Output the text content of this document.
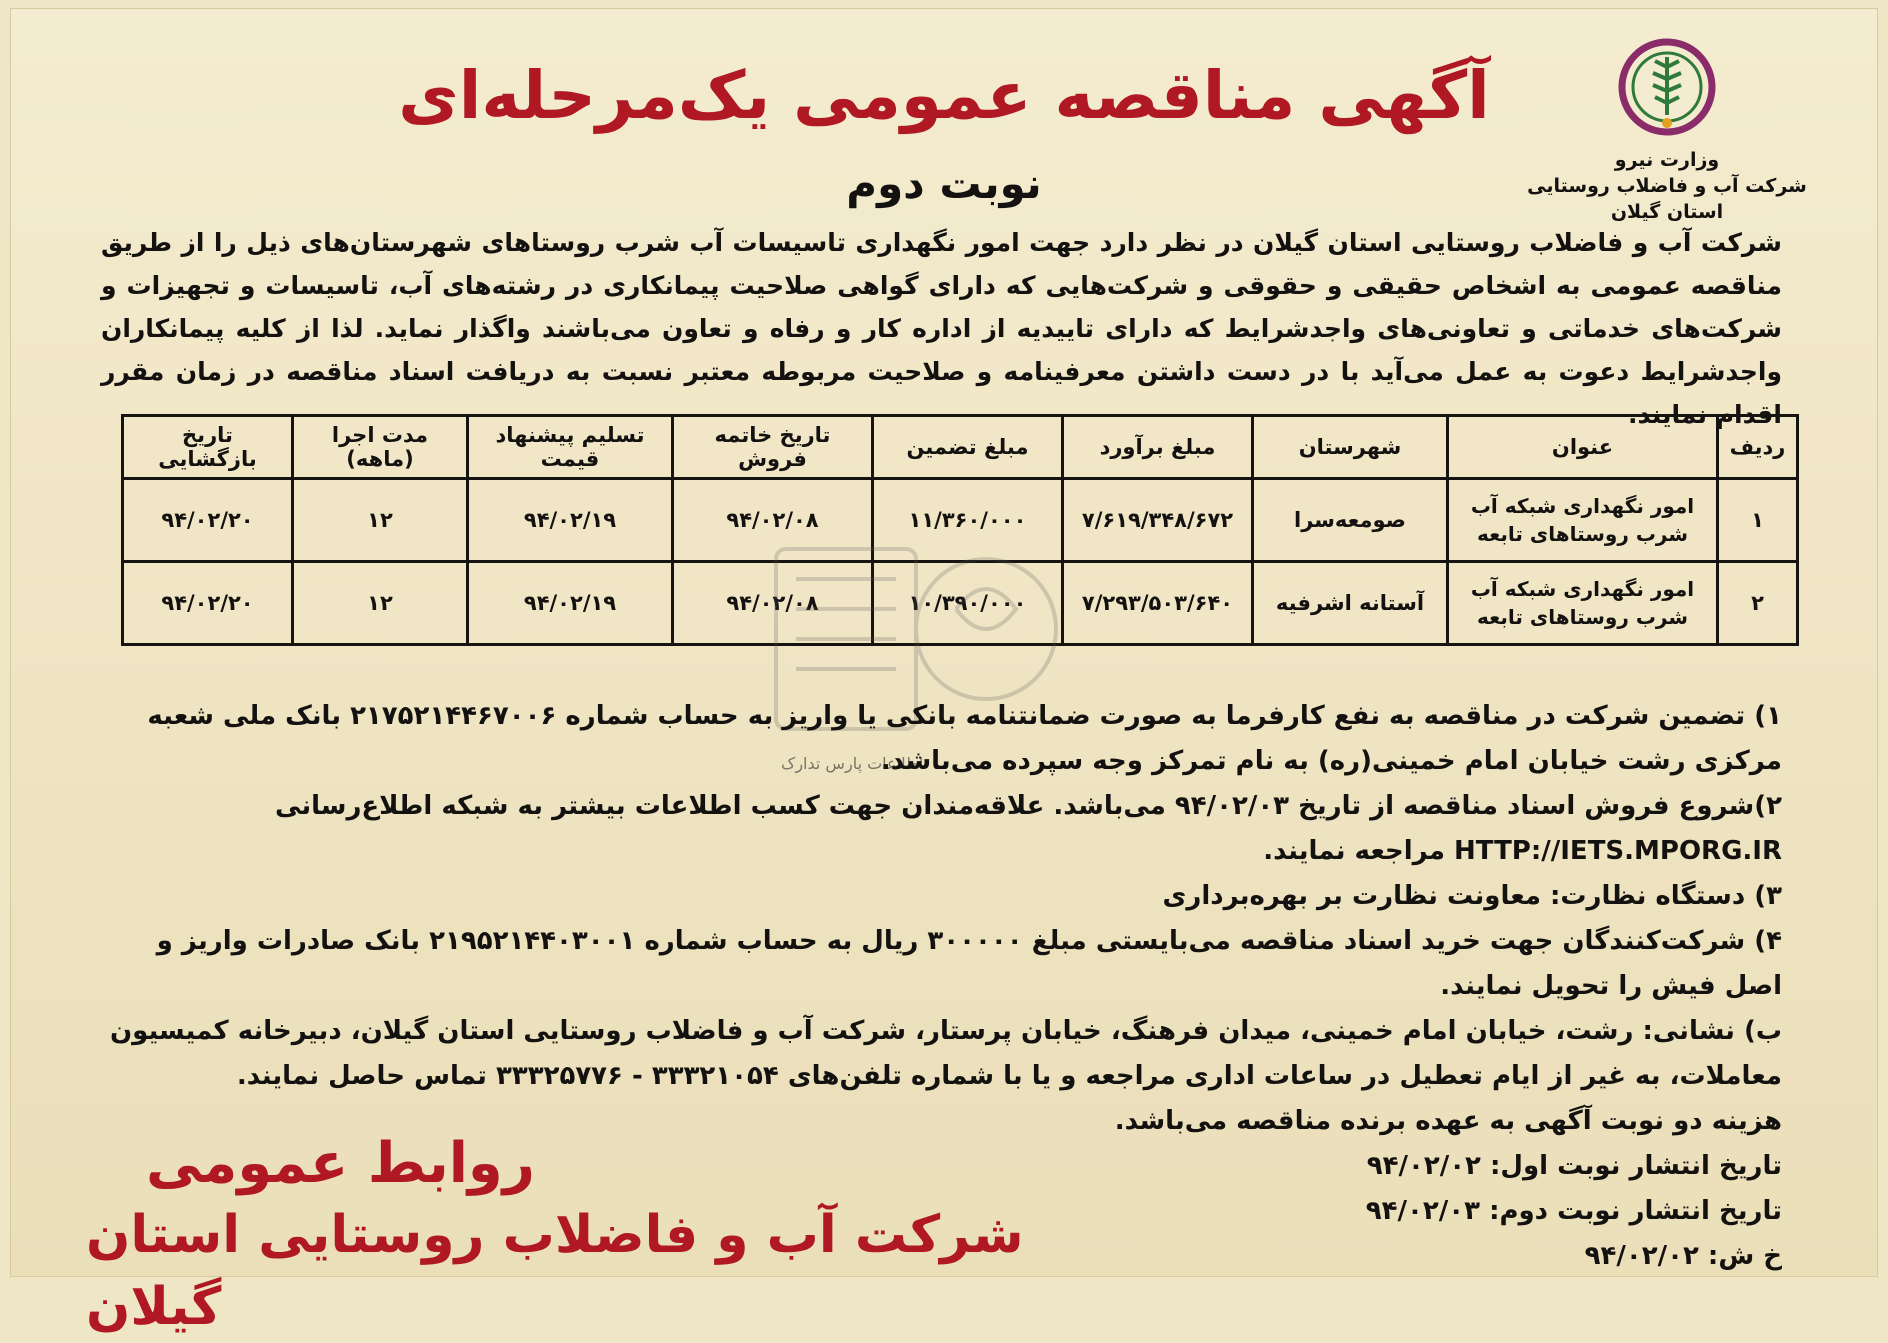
وزارت نیرو
شرکت آب و فاضلاب روستایی
استان گیلان
آگهی مناقصه عمومی یک‌مرحله‌ای
نوبت دوم
شرکت آب و فاضلاب روستایی استان گیلان در نظر دارد جهت امور نگهداری تاسیسات آب شرب روستاهای شهرستان‌های ذیل را از طریق مناقصه عمومی به اشخاص حقیقی و حقوقی و شرکت‌هایی که دارای گواهی صلاحیت پیمانکاری در رشته‌های آب، تاسیسات و تجهیزات و شرکت‌های خدماتی و تعاونی‌های واجدشرایط که دارای تاییدیه از اداره کار و رفاه و تعاون می‌باشند واگذار نماید. لذا از کلیه پیمانکاران واجدشرایط دعوت به عمل می‌آید با در دست داشتن معرفینامه و صلاحیت مربوطه معتبر نسبت به دریافت اسناد مناقصه در زمان مقرر اقدام نمایند.
ردیف	عنوان	شهرستان	مبلغ برآورد	مبلغ تضمین	تاریخ خاتمه فروش	تسلیم پیشنهاد قیمت	مدت اجرا (ماهه)	تاریخ بازگشایی
۱	امور نگهداری شبکه آب شرب روستاهای تابعه	صومعه‌سرا	۷/۶۱۹/۳۴۸/۶۷۲	۱۱/۳۶۰/۰۰۰	۹۴/۰۲/۰۸	۹۴/۰۲/۱۹	۱۲	۹۴/۰۲/۲۰
۲	امور نگهداری شبکه آب شرب روستاهای تابعه	آستانه اشرفیه	۷/۲۹۳/۵۰۳/۶۴۰	۱۰/۳۹۰/۰۰۰	۹۴/۰۲/۰۸	۹۴/۰۲/۱۹	۱۲	۹۴/۰۲/۲۰
اطلاعات پارس تدارک

۱) تضمین شرکت در مناقصه به نفع کارفرما به صورت ضمانتنامه بانکی یا واریز به حساب شماره ۲۱۷۵۲۱۴۴۶۷۰۰۶ بانک ملی شعبه مرکزی رشت خیابان امام خمینی(ره) به نام تمرکز وجه سپرده می‌باشد.

۲)شروع فروش اسناد مناقصه از تاریخ ۹۴/۰۲/۰۳ می‌باشد. علاقه‌مندان جهت کسب اطلاعات بیشتر به شبکه اطلاع‌رسانی HTTP://IETS.MPORG.IR مراجعه نمایند.

۳) دستگاه نظارت: معاونت نظارت بر بهره‌برداری

۴) شرکت‌کنندگان جهت خرید اسناد مناقصه می‌بایستی مبلغ ۳۰۰۰۰۰ ریال به حساب شماره ۲۱۹۵۲۱۴۴۰۳۰۰۱ بانک صادرات واریز و اصل فیش را تحویل نمایند.

ب) نشانی: رشت، خیابان امام خمینی، میدان فرهنگ، خیابان پرستار، شرکت آب و فاضلاب روستایی استان گیلان، دبیرخانه کمیسیون معاملات، به غیر از ایام تعطیل در ساعات اداری مراجعه و یا با شماره تلفن‌های ۳۳۳۲۱۰۵۴ - ۳۳۳۲۵۷۷۶ تماس حاصل نمایند.

هزینه دو نوبت آگهی به عهده برنده مناقصه می‌باشد.

تاریخ انتشار نوبت اول: ۹۴/۰۲/۰۲

تاریخ انتشار نوبت دوم: ۹۴/۰۲/۰۳

خ ش: ۹۴/۰۲/۰۲

روابط عمومی
شرکت آب و فاضلاب روستایی استان گیلان
